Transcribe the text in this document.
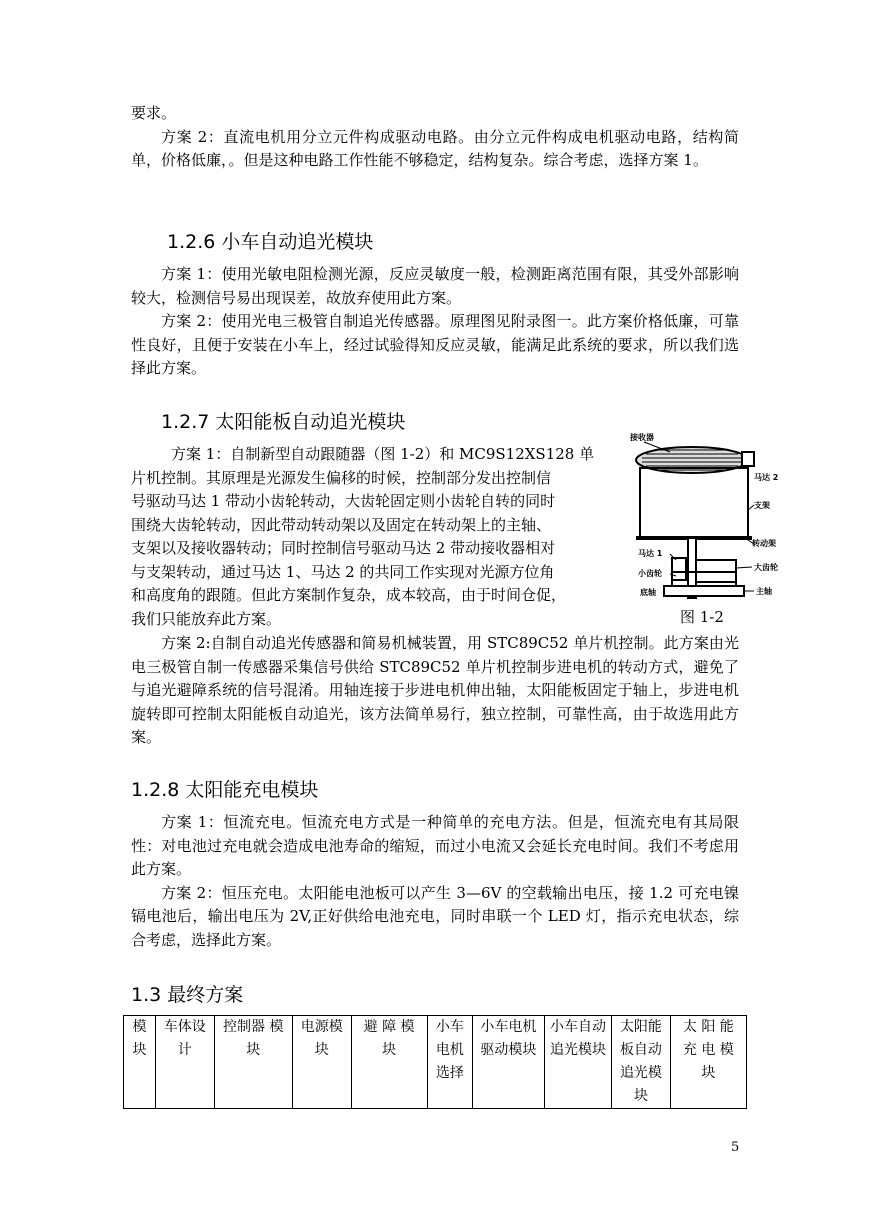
要求。

方案 2：直流电机用分立元件构成驱动电路。由分立元件构成电机驱动电路，结构简单，价格低廉，。但是这种电路工作性能不够稳定，结构复杂。综合考虑，选择方案 1。

1.2.6 小车自动追光模块

方案 1：使用光敏电阻检测光源，反应灵敏度一般，检测距离范围有限，其受外部影响较大，检测信号易出现误差，故放弃使用此方案。

方案 2：使用光电三极管自制追光传感器。原理图见附录图一。此方案价格低廉，可靠性良好，且便于安装在小车上，经过试验得知反应灵敏，能满足此系统的要求，所以我们选择此方案。

1.2.7 太阳能板自动追光模块

方案 1：自制新型自动跟随器（图 1-2）和 MC9S12XS128 单

片机控制。其原理是光源发生偏移的时候，控制部分发出控制信

号驱动马达 1 带动小齿轮转动，大齿轮固定则小齿轮自转的同时

围绕大齿轮转动，因此带动转动架以及固定在转动架上的主轴、

支架以及接收器转动；同时控制信号驱动马达 2 带动接收器相对

与支架转动，通过马达 1、马达 2 的共同工作实现对光源方位角

和高度角的跟随。但此方案制作复杂，成本较高，由于时间仓促，

我们只能放弃此方案。

方案 2:自制自动追光传感器和简易机械装置，用 STC89C52 单片机控制。此方案由光电三极管自制一传感器采集信号供给 STC89C52 单片机控制步进电机的转动方式，避免了与追光避障系统的信号混淆。用轴连接于步进电机伸出轴，太阳能板固定于轴上，步进电机旋转即可控制太阳能板自动追光，该方法简单易行，独立控制，可靠性高，由于故选用此方案。

接收器
马达 2
支架
转动架
马达 1
小齿轮
大齿轮
底轴	主轴
图 1-2
1.2.8 太阳能充电模块

方案 1：恒流充电。恒流充电方式是一种简单的充电方法。但是，恒流充电有其局限性：对电池过充电就会造成电池寿命的缩短，而过小电流又会延长充电时间。我们不考虑用此方案。

方案 2：恒压充电。太阳能电池板可以产生 3—6V 的空载输出电压，接 1.2 可充电镍镉电池后，输出电压为 2V,正好供给电池充电，同时串联一个 LED 灯，指示充电状态，综合考虑，选择此方案。

1.3 最终方案
模块	车体设计	控制器 模 块	电源模块	避 障 模 块	小车电机选择	小车电机驱动模块	小车自动追光模块	太阳能板自动追光模块	太 阳 能 充 电 模 块
5
